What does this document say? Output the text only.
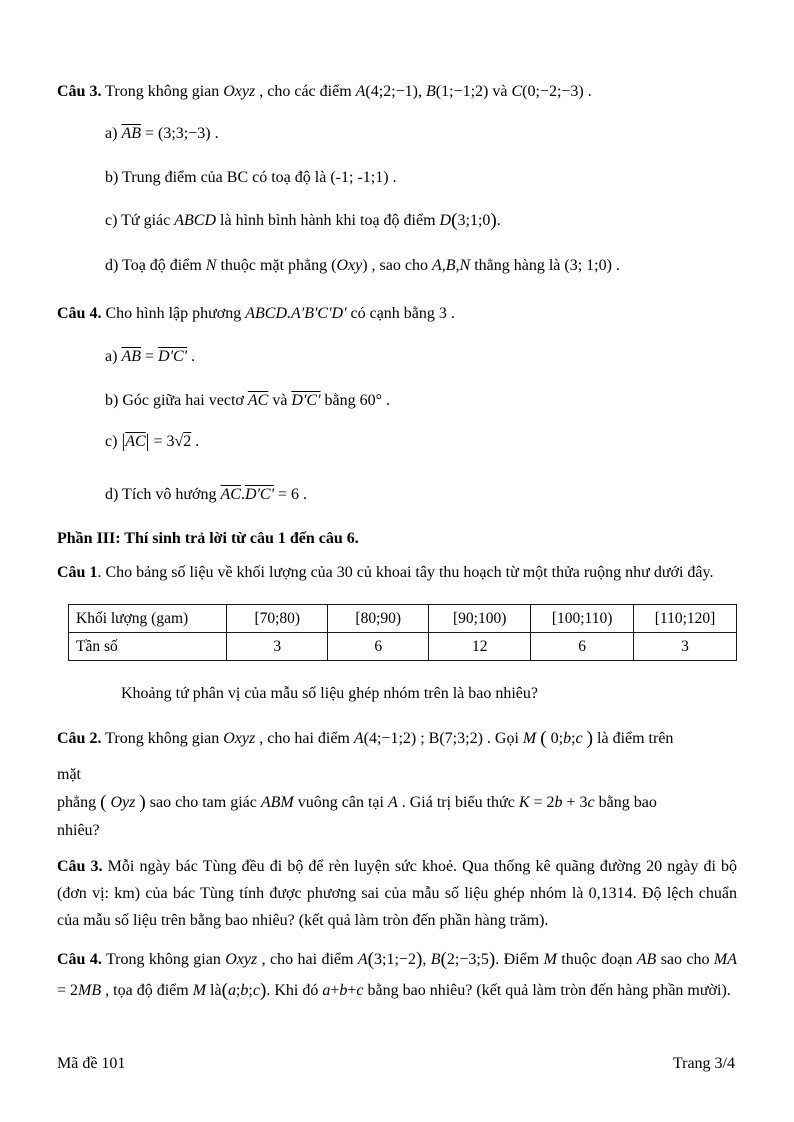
Câu 3. Trong không gian Oxyz , cho các điểm A(4;2;−1), B(1;−1;2) và C(0;−2;−3) .
a) $\overline{AB}$ = (3;3;−3) .
b) Trung điểm của BC có toạ độ là (-1; -1;1) .
c) Tứ giác ABCD là hình bình hành khi toạ độ điểm D(3;1;0).
d) Toạ độ điểm N thuộc mặt phẳng (Oxy) , sao cho A,B,N thẳng hàng là (3; 1;0) .
Câu 4. Cho hình lập phương ABCD.A'B'C'D' có cạnh bằng 3 .
a) $\overline{AB} = D'C'$ .
b) Góc giữa hai vectơ $\overline{AC}$ và D'C' bằng 60° .
c) $|\overline{AC}| = 3√2$ .
d) Tích vô hướng $\overline{AC}.D'C' = 6$ .
Phần III: Thí sinh trả lời từ câu 1 đến câu 6.
Câu 1. Cho bảng số liệu về khối lượng của 30 củ khoai tây thu hoạch từ một thửa ruộng như dưới đây.
Khối lượng (gam)	[70;80)	[80;90)	[90;100)	[100;110)	[110;120]
Tần số	3	6	12	6	3
Khoảng tứ phân vị của mẫu số liệu ghép nhóm trên là bao nhiêu?
Câu 2. Trong không gian Oxyz , cho hai điểm A(4;−1;2) ; B(7;3;2) . Gọi M ( 0;b;c ) là điểm trên
mặt
phẳng ( Oyz ) sao cho tam giác ABM vuông cân tại A . Giá trị biểu thức K = 2b + 3c bằng bao
nhiêu?
Câu 3. Mỗi ngày bác Tùng đều đi bộ để rèn luyện sức khoẻ. Qua thống kê quãng đường 20 ngày đi bộ (đơn vị: km) của bác Tùng tính được phương sai của mẫu số liệu ghép nhóm là 0,1314. Độ lệch chuẩn của mẫu số liệu trên bằng bao nhiêu? (kết quả làm tròn đến phần hàng trăm).
Câu 4. Trong không gian Oxyz , cho hai điểm A(3;1;−2), B(2;−3;5). Điểm M thuộc đoạn AB sao cho MA = 2MB , tọa độ điểm M là(a;b;c). Khi đó a+b+c bằng bao nhiêu? (kết quả làm tròn đến hàng phần mười).
Mã đề 101	Trang 3/4
